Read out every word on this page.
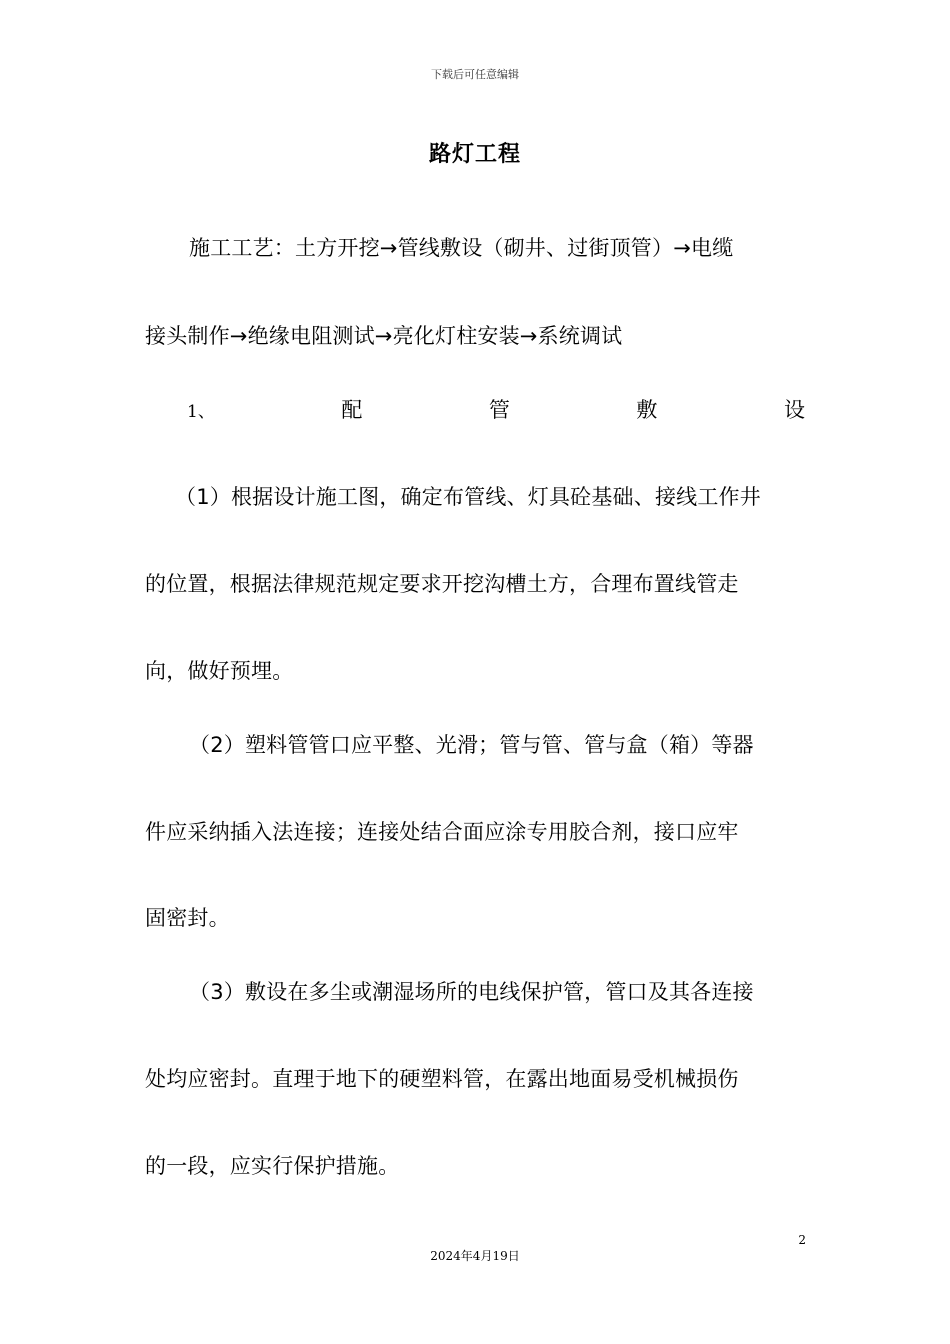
下载后可任意编辑
路灯工程
施工工艺：土方开挖→管线敷设（砌井、过街顶管）→电缆
接头制作→绝缘电阻测试→亮化灯柱安装→系统调试
1、	配	管	敷	设
（1）根据设计施工图，确定布管线、灯具砼基础、接线工作井
的位置，根据法律规范规定要求开挖沟槽土方，合理布置线管走
向，做好预埋。
（2）塑料管管口应平整、光滑；管与管、管与盒（箱）等器
件应采纳插入法连接；连接处结合面应涂专用胶合剂，接口应牢
固密封。
（3）敷设在多尘或潮湿场所的电线保护管，管口及其各连接
处均应密封。直理于地下的硬塑料管，在露出地面易受机械损伤
的一段，应实行保护措施。
2
2024年4月19日
